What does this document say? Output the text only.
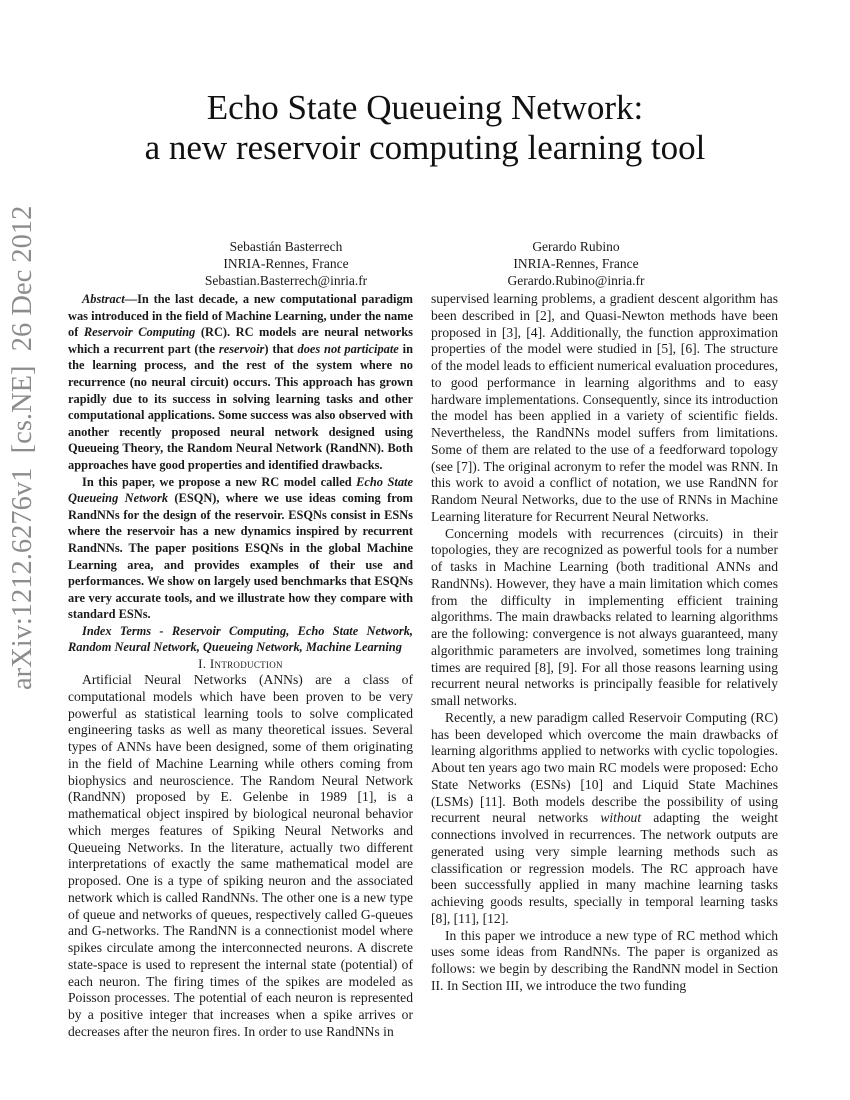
arXiv:1212.6276v1  [cs.NE]  26 Dec 2012
Echo State Queueing Network:
a new reservoir computing learning tool
Sebastián Basterrech
INRIA-Rennes, France
Sebastian.Basterrech@inria.fr
Gerardo Rubino
INRIA-Rennes, France
Gerardo.Rubino@inria.fr

Abstract—In the last decade, a new computational paradigm was introduced in the field of Machine Learning, under the name of Reservoir Computing (RC). RC models are neural networks which a recurrent part (the reservoir) that does not participate in the learning process, and the rest of the system where no recurrence (no neural circuit) occurs. This approach has grown rapidly due to its success in solving learning tasks and other computational applications. Some success was also observed with another recently proposed neural network designed using Queueing Theory, the Random Neural Network (RandNN). Both approaches have good properties and identified drawbacks.

In this paper, we propose a new RC model called Echo State Queueing Network (ESQN), where we use ideas coming from RandNNs for the design of the reservoir. ESQNs consist in ESNs where the reservoir has a new dynamics inspired by recurrent RandNNs. The paper positions ESQNs in the global Machine Learning area, and provides examples of their use and performances. We show on largely used benchmarks that ESQNs are very accurate tools, and we illustrate how they compare with standard ESNs.

Index Terms - Reservoir Computing, Echo State Network, Random Neural Network, Queueing Network, Machine Learning

I. Introduction

Artificial Neural Networks (ANNs) are a class of computational models which have been proven to be very powerful as statistical learning tools to solve complicated engineering tasks as well as many theoretical issues. Several types of ANNs have been designed, some of them originating in the field of Machine Learning while others coming from biophysics and neuroscience. The Random Neural Network (RandNN) proposed by E. Gelenbe in 1989 [1], is a mathematical object inspired by biological neuronal behavior which merges features of Spiking Neural Networks and Queueing Networks. In the literature, actually two different interpretations of exactly the same mathematical model are proposed. One is a type of spiking neuron and the associated network which is called RandNNs. The other one is a new type of queue and networks of queues, respectively called G-queues and G-networks. The RandNN is a connectionist model where spikes circulate among the interconnected neurons. A discrete state-space is used to represent the internal state (potential) of each neuron. The firing times of the spikes are modeled as Poisson processes. The potential of each neuron is represented by a positive integer that increases when a spike arrives or decreases after the neuron fires. In order to use RandNNs in

supervised learning problems, a gradient descent algorithm has been described in [2], and Quasi-Newton methods have been proposed in [3], [4]. Additionally, the function approximation properties of the model were studied in [5], [6]. The structure of the model leads to efficient numerical evaluation procedures, to good performance in learning algorithms and to easy hardware implementations. Consequently, since its introduction the model has been applied in a variety of scientific fields. Nevertheless, the RandNNs model suffers from limitations. Some of them are related to the use of a feedforward topology (see [7]). The original acronym to refer the model was RNN. In this work to avoid a conflict of notation, we use RandNN for Random Neural Networks, due to the use of RNNs in Machine Learning literature for Recurrent Neural Networks.

Concerning models with recurrences (circuits) in their topologies, they are recognized as powerful tools for a number of tasks in Machine Learning (both traditional ANNs and RandNNs). However, they have a main limitation which comes from the difficulty in implementing efficient training algorithms. The main drawbacks related to learning algorithms are the following: convergence is not always guaranteed, many algorithmic parameters are involved, sometimes long training times are required [8], [9]. For all those reasons learning using recurrent neural networks is principally feasible for relatively small networks.

Recently, a new paradigm called Reservoir Computing (RC) has been developed which overcome the main drawbacks of learning algorithms applied to networks with cyclic topologies. About ten years ago two main RC models were proposed: Echo State Networks (ESNs) [10] and Liquid State Machines (LSMs) [11]. Both models describe the possibility of using recurrent neural networks without adapting the weight connections involved in recurrences. The network outputs are generated using very simple learning methods such as classification or regression models. The RC approach have been successfully applied in many machine learning tasks achieving goods results, specially in temporal learning tasks [8], [11], [12].

In this paper we introduce a new type of RC method which uses some ideas from RandNNs. The paper is organized as follows: we begin by describing the RandNN model in Section II. In Section III, we introduce the two funding
